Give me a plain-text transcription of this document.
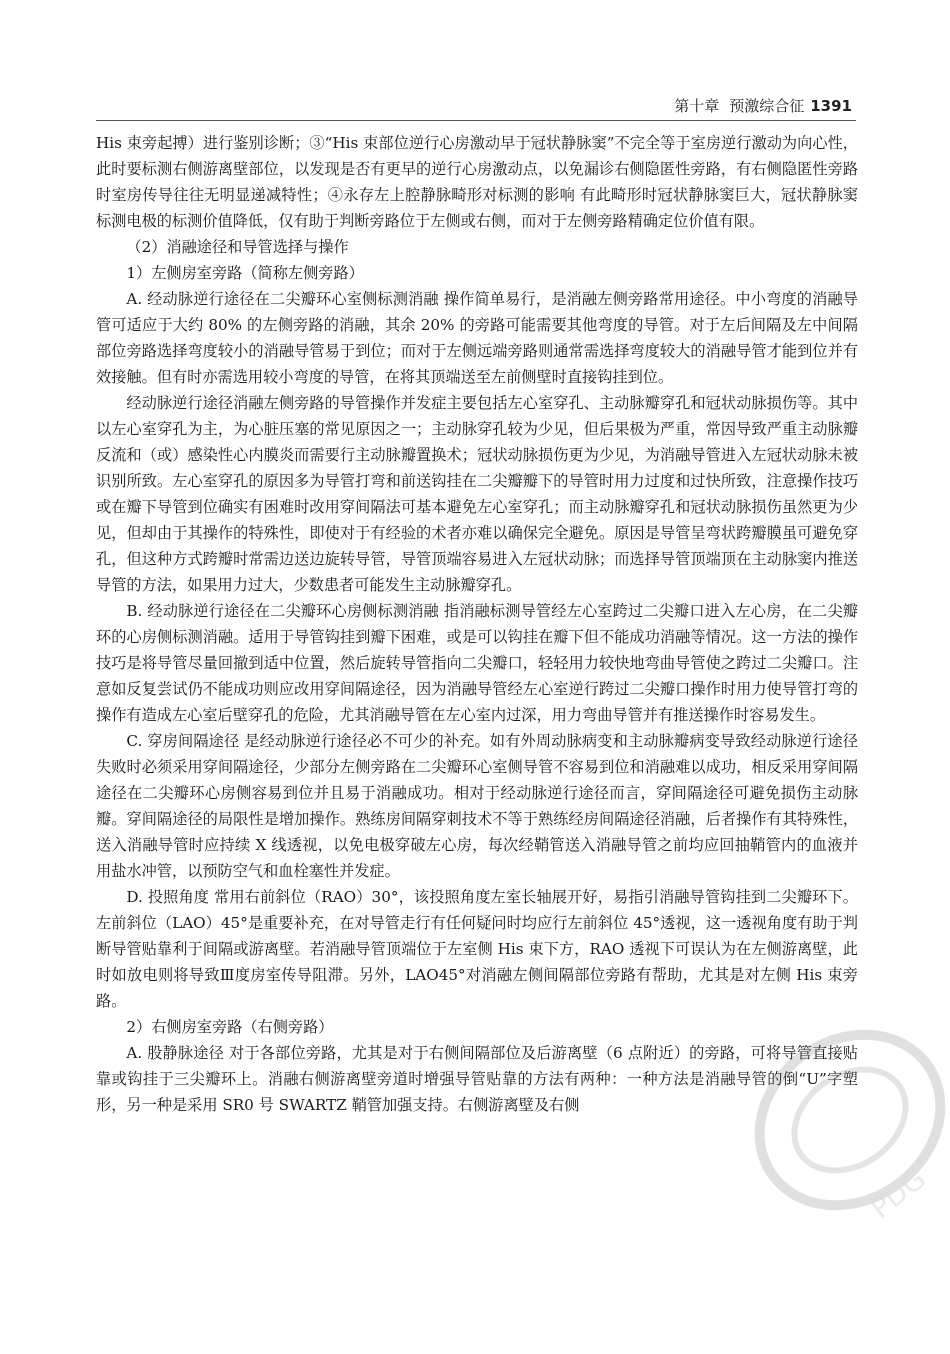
第十章 预激综合征 1391

His 束旁起搏）进行鉴别诊断；③“His 束部位逆行心房激动早于冠状静脉窦”不完全等于室房逆行激动为向心性，此时要标测右侧游离壁部位，以发现是否有更早的逆行心房激动点，以免漏诊右侧隐匿性旁路，有右侧隐匿性旁路时室房传导往往无明显递减特性；④永存左上腔静脉畸形对标测的影响 有此畸形时冠状静脉窦巨大，冠状静脉窦标测电极的标测价值降低，仅有助于判断旁路位于左侧或右侧，而对于左侧旁路精确定位价值有限。

（2）消融途径和导管选择与操作

1）左侧房室旁路（简称左侧旁路）

A. 经动脉逆行途径在二尖瓣环心室侧标测消融 操作简单易行，是消融左侧旁路常用途径。中小弯度的消融导管可适应于大约 80% 的左侧旁路的消融，其余 20% 的旁路可能需要其他弯度的导管。对于左后间隔及左中间隔部位旁路选择弯度较小的消融导管易于到位；而对于左侧远端旁路则通常需选择弯度较大的消融导管才能到位并有效接触。但有时亦需选用较小弯度的导管，在将其顶端送至左前侧壁时直接钩挂到位。

经动脉逆行途径消融左侧旁路的导管操作并发症主要包括左心室穿孔、主动脉瓣穿孔和冠状动脉损伤等。其中以左心室穿孔为主，为心脏压塞的常见原因之一；主动脉穿孔较为少见，但后果极为严重，常因导致严重主动脉瓣反流和（或）感染性心内膜炎而需要行主动脉瓣置换术；冠状动脉损伤更为少见，为消融导管进入左冠状动脉未被识别所致。左心室穿孔的原因多为导管打弯和前送钩挂在二尖瓣瓣下的导管时用力过度和过快所致，注意操作技巧或在瓣下导管到位确实有困难时改用穿间隔法可基本避免左心室穿孔；而主动脉瓣穿孔和冠状动脉损伤虽然更为少见，但却由于其操作的特殊性，即使对于有经验的术者亦难以确保完全避免。原因是导管呈弯状跨瓣膜虽可避免穿孔，但这种方式跨瓣时常需边送边旋转导管，导管顶端容易进入左冠状动脉；而选择导管顶端顶在主动脉窦内推送导管的方法，如果用力过大，少数患者可能发生主动脉瓣穿孔。

B. 经动脉逆行途径在二尖瓣环心房侧标测消融 指消融标测导管经左心室跨过二尖瓣口进入左心房，在二尖瓣环的心房侧标测消融。适用于导管钩挂到瓣下困难，或是可以钩挂在瓣下但不能成功消融等情况。这一方法的操作技巧是将导管尽量回撤到适中位置，然后旋转导管指向二尖瓣口，轻轻用力较快地弯曲导管使之跨过二尖瓣口。注意如反复尝试仍不能成功则应改用穿间隔途径，因为消融导管经左心室逆行跨过二尖瓣口操作时用力使导管打弯的操作有造成左心室后壁穿孔的危险，尤其消融导管在左心室内过深，用力弯曲导管并有推送操作时容易发生。

C. 穿房间隔途径 是经动脉逆行途径必不可少的补充。如有外周动脉病变和主动脉瓣病变导致经动脉逆行途径失败时必须采用穿间隔途径，少部分左侧旁路在二尖瓣环心室侧导管不容易到位和消融难以成功，相反采用穿间隔途径在二尖瓣环心房侧容易到位并且易于消融成功。相对于经动脉逆行途径而言，穿间隔途径可避免损伤主动脉瓣。穿间隔途径的局限性是增加操作。熟练房间隔穿刺技术不等于熟练经房间隔途径消融，后者操作有其特殊性，送入消融导管时应持续 X 线透视，以免电极穿破左心房，每次经鞘管送入消融导管之前均应回抽鞘管内的血液并用盐水冲管，以预防空气和血栓塞性并发症。

D. 投照角度 常用右前斜位（RAO）30°，该投照角度左室长轴展开好，易指引消融导管钩挂到二尖瓣环下。左前斜位（LAO）45°是重要补充，在对导管走行有任何疑问时均应行左前斜位 45°透视，这一透视角度有助于判断导管贴靠利于间隔或游离壁。若消融导管顶端位于左室侧 His 束下方，RAO 透视下可误认为在左侧游离壁，此时如放电则将导致Ⅲ度房室传导阻滞。另外，LAO45°对消融左侧间隔部位旁路有帮助，尤其是对左侧 His 束旁路。

2）右侧房室旁路（右侧旁路）

A. 股静脉途径 对于各部位旁路，尤其是对于右侧间隔部位及后游离壁（6 点附近）的旁路，可将导管直接贴靠或钩挂于三尖瓣环上。消融右侧游离壁旁道时增强导管贴靠的方法有两种：一种方法是消融导管的倒“U”字塑形，另一种是采用 SR0 号 SWARTZ 鞘管加强支持。右侧游离壁及右侧

PDG
